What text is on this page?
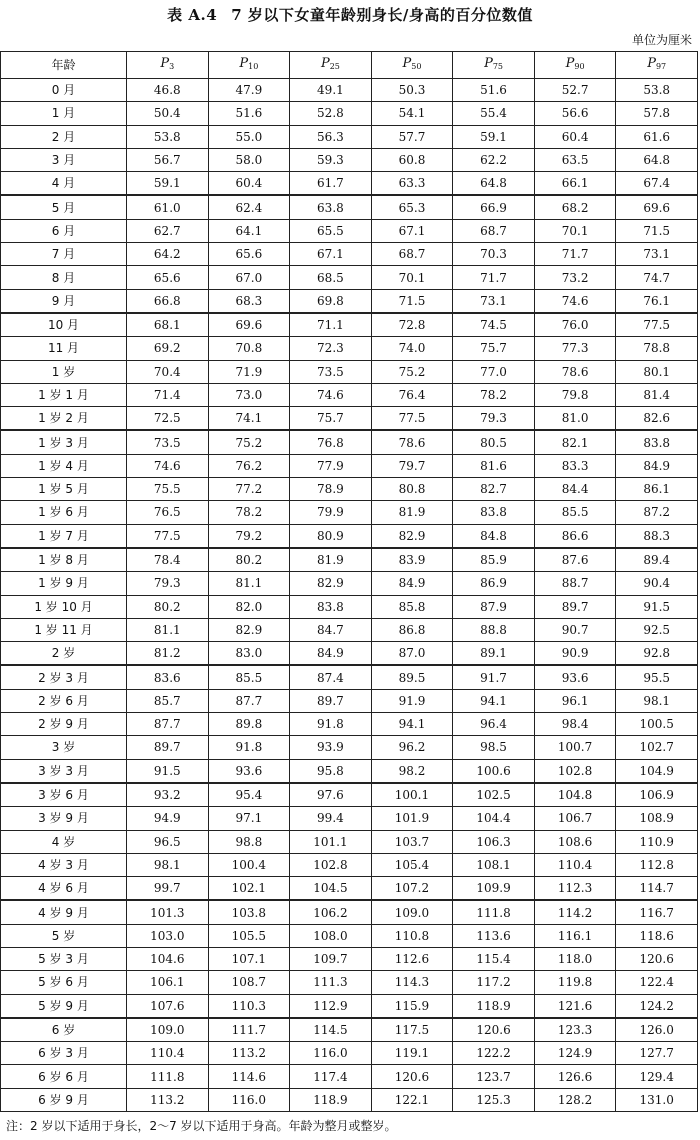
表 A.4 7 岁以下女童年龄别身长/身高的百分位数值
单位为厘米
年龄	$P_3$	$P_{10}$	$P_{25}$	$P_{50}$	$P_{75}$	$P_{90}$	$P_{97}$
0 月	46.8	47.9	49.1	50.3	51.6	52.7	53.8
1 月	50.4	51.6	52.8	54.1	55.4	56.6	57.8
2 月	53.8	55.0	56.3	57.7	59.1	60.4	61.6
3 月	56.7	58.0	59.3	60.8	62.2	63.5	64.8
4 月	59.1	60.4	61.7	63.3	64.8	66.1	67.4
5 月	61.0	62.4	63.8	65.3	66.9	68.2	69.6
6 月	62.7	64.1	65.5	67.1	68.7	70.1	71.5
7 月	64.2	65.6	67.1	68.7	70.3	71.7	73.1
8 月	65.6	67.0	68.5	70.1	71.7	73.2	74.7
9 月	66.8	68.3	69.8	71.5	73.1	74.6	76.1
10 月	68.1	69.6	71.1	72.8	74.5	76.0	77.5
11 月	69.2	70.8	72.3	74.0	75.7	77.3	78.8
1 岁	70.4	71.9	73.5	75.2	77.0	78.6	80.1
1 岁 1 月	71.4	73.0	74.6	76.4	78.2	79.8	81.4
1 岁 2 月	72.5	74.1	75.7	77.5	79.3	81.0	82.6
1 岁 3 月	73.5	75.2	76.8	78.6	80.5	82.1	83.8
1 岁 4 月	74.6	76.2	77.9	79.7	81.6	83.3	84.9
1 岁 5 月	75.5	77.2	78.9	80.8	82.7	84.4	86.1
1 岁 6 月	76.5	78.2	79.9	81.9	83.8	85.5	87.2
1 岁 7 月	77.5	79.2	80.9	82.9	84.8	86.6	88.3
1 岁 8 月	78.4	80.2	81.9	83.9	85.9	87.6	89.4
1 岁 9 月	79.3	81.1	82.9	84.9	86.9	88.7	90.4
1 岁 10 月	80.2	82.0	83.8	85.8	87.9	89.7	91.5
1 岁 11 月	81.1	82.9	84.7	86.8	88.8	90.7	92.5
2 岁	81.2	83.0	84.9	87.0	89.1	90.9	92.8
2 岁 3 月	83.6	85.5	87.4	89.5	91.7	93.6	95.5
2 岁 6 月	85.7	87.7	89.7	91.9	94.1	96.1	98.1
2 岁 9 月	87.7	89.8	91.8	94.1	96.4	98.4	100.5
3 岁	89.7	91.8	93.9	96.2	98.5	100.7	102.7
3 岁 3 月	91.5	93.6	95.8	98.2	100.6	102.8	104.9
3 岁 6 月	93.2	95.4	97.6	100.1	102.5	104.8	106.9
3 岁 9 月	94.9	97.1	99.4	101.9	104.4	106.7	108.9
4 岁	96.5	98.8	101.1	103.7	106.3	108.6	110.9
4 岁 3 月	98.1	100.4	102.8	105.4	108.1	110.4	112.8
4 岁 6 月	99.7	102.1	104.5	107.2	109.9	112.3	114.7
4 岁 9 月	101.3	103.8	106.2	109.0	111.8	114.2	116.7
5 岁	103.0	105.5	108.0	110.8	113.6	116.1	118.6
5 岁 3 月	104.6	107.1	109.7	112.6	115.4	118.0	120.6
5 岁 6 月	106.1	108.7	111.3	114.3	117.2	119.8	122.4
5 岁 9 月	107.6	110.3	112.9	115.9	118.9	121.6	124.2
6 岁	109.0	111.7	114.5	117.5	120.6	123.3	126.0
6 岁 3 月	110.4	113.2	116.0	119.1	122.2	124.9	127.7
6 岁 6 月	111.8	114.6	117.4	120.6	123.7	126.6	129.4
6 岁 9 月	113.2	116.0	118.9	122.1	125.3	128.2	131.0
注：2 岁以下适用于身长，2～7 岁以下适用于身高。年龄为整月或整岁。
